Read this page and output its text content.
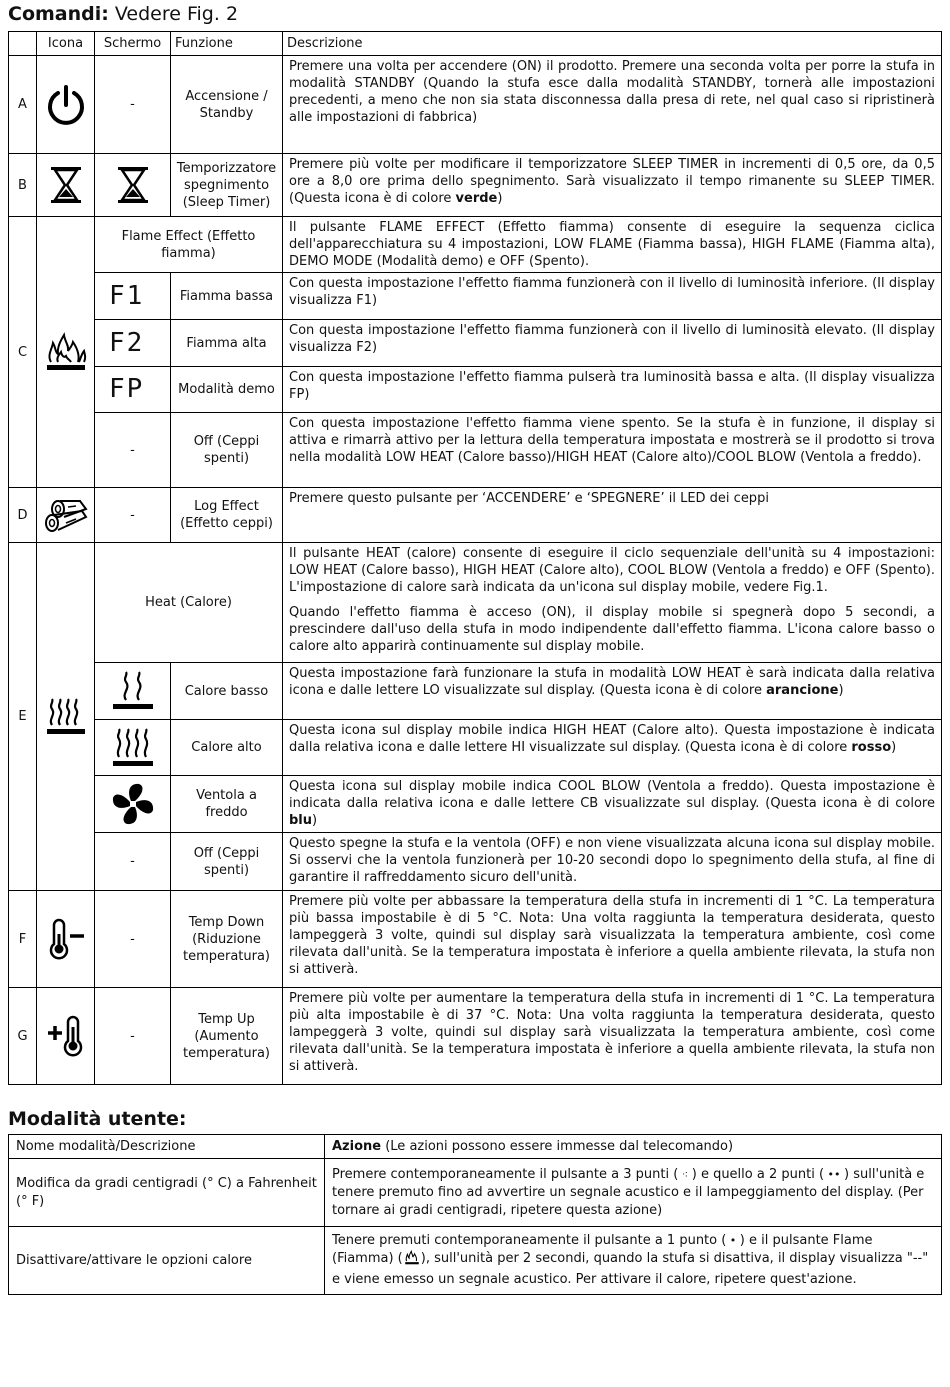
Comandi: Vedere Fig. 2
	Icona	Schermo	Funzione	Descrizione
A		-	Accensione / Standby	Premere una volta per accendere (ON) il prodotto. Premere una seconda volta per porre la stufa in modalità STANDBY (Quando la stufa esce dalla modalità STANDBY, tornerà alle impostazioni precedenti, a meno che non sia stata disconnessa dalla presa di rete, nel qual caso si ripristinerà alle impostazioni di fabbrica)
B			Temporizzatore spegnimento (Sleep Timer)	Premere più volte per modificare il temporizzatore SLEEP TIMER in incrementi di 0,5 ore, da 0,5 ore a 8,0 ore prima dello spegnimento. Sarà visualizzato il tempo rimanente su SLEEP TIMER. (Questa icona è di colore verde)
C		Flame Effect (Effetto fiamma)		Il pulsante FLAME EFFECT (Effetto fiamma) consente di eseguire la sequenza ciclica dell'apparecchiatura su 4 impostazioni, LOW FLAME (Fiamma bassa), HIGH FLAME (Fiamma alta), DEMO MODE (Modalità demo) e OFF (Spento).
		F1	Fiamma bassa	Con questa impostazione l'effetto fiamma funzionerà con il livello di luminosità inferiore. (Il display visualizza F1)
		F2	Fiamma alta	Con questa impostazione l'effetto fiamma funzionerà con il livello di luminosità elevato. (Il display visualizza F2)
		FP	Modalità demo	Con questa impostazione l'effetto fiamma pulserà tra luminosità bassa e alta. (Il display visualizza FP)
		-	Off (Ceppi spenti)	Con questa impostazione l'effetto fiamma viene spento. Se la stufa è in funzione, il display si attiva e rimarrà attivo per la lettura della temperatura impostata e mostrerà se il prodotto si trova nella modalità LOW HEAT (Calore basso)/HIGH HEAT (Calore alto)/COOL BLOW (Ventola a freddo).
D		-	Log Effect (Effetto ceppi)	Premere questo pulsante per ‘ACCENDERE’ e ‘SPEGNERE’ il LED dei ceppi
E		Heat (Calore)		Il pulsante HEAT (calore) consente di eseguire il ciclo sequenziale dell'unità su 4 impostazioni: LOW HEAT (Calore basso), HIGH HEAT (Calore alto), COOL BLOW (Ventola a freddo) e OFF (Spento). L'impostazione di calore sarà indicata da un'icona sul display mobile, vedere Fig.1.

Quando l'effetto fiamma è acceso (ON), il display mobile si spegnerà dopo 5 secondi, a prescindere dall'uso della stufa in modo indipendente dall'effetto fiamma. L'icona calore basso o calore alto apparirà continuamente sul display mobile.

	Calore basso	Questa impostazione farà funzionare la stufa in modalità LOW HEAT è sarà indicata dalla relativa icona e dalle lettere LO visualizzate sul display. (Questa icona è di colore arancione)

	Calore alto	Questa icona sul display mobile indica HIGH HEAT (Calore alto). Questa impostazione è indicata dalla relativa icona e dalle lettere HI visualizzate sul display. (Questa icona è di colore rosso)

	Ventola a freddo	Questa icona sul display mobile indica COOL BLOW (Ventola a freddo). Questa impostazione è indicata dalla relativa icona e dalle lettere CB visualizzate sul display. (Questa icona è di colore blu)
		-	Off (Ceppi spenti)	Questo spegne la stufa e la ventola (OFF) e non viene visualizzata alcuna icona sul display mobile. Si osservi che la ventola funzionerà per 10-20 secondi dopo lo spegnimento della stufa, al fine di garantire il raffreddamento sicuro dell'unità.
F		-	Temp Down (Riduzione temperatura)	Premere più volte per abbassare la temperatura della stufa in incrementi di 1 °C. La temperatura più bassa impostabile è di 5 °C. Nota: Una volta raggiunta la temperatura desiderata, questo lampeggerà 3 volte, quindi sul display sarà visualizzata la temperatura ambiente, così come rilevata dall'unità. Se la temperatura impostata è inferiore a quella ambiente rilevata, la stufa non si attiverà.
G		-	Temp Up (Aumento temperatura)	Premere più volte per aumentare la temperatura della stufa in incrementi di 1 °C. La temperatura più alta impostabile è di 37 °C. Nota: Una volta raggiunta la temperatura desiderata, questo lampeggerà 3 volte, quindi sul display sarà visualizzata la temperatura ambiente, così come rilevata dall'unità. Se la temperatura impostata è inferiore a quella ambiente rilevata, la stufa non si attiverà.
Modalità utente:
Nome modalità/Descrizione	Azione (Le azioni possono essere immesse dal telecomando)
Modifica da gradi centigradi (° C) a Fahrenheit (° F)	Premere contemporaneamente il pulsante a 3 punti ( ⁖ ) e quello a 2 punti ( •• ) sull'unità e tenere premuto fino ad avvertire un segnale acustico e il lampeggiamento del display. (Per tornare ai gradi centigradi, ripetere questa azione)
Disattivare/attivare le opzioni calore	Tenere premuti contemporaneamente il pulsante a 1 punto ( • ) e il pulsante Flame (Fiamma) ( ), sull'unità per 2 secondi, quando la stufa si disattiva, il display visualizza "--" e viene emesso un segnale acustico. Per attivare il calore, ripetere quest'azione.
